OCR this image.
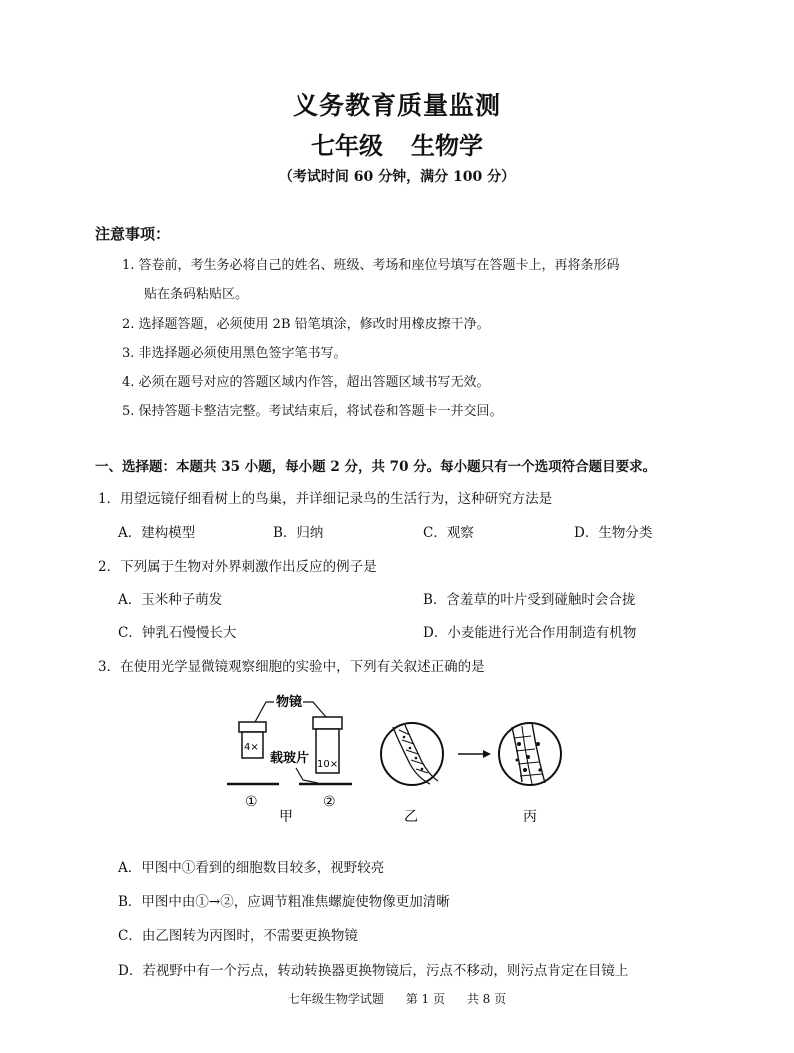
义务教育质量监测
七年级 生物学
（考试时间 60 分钟，满分 100 分）
注意事项：
1. 答卷前，考生务必将自己的姓名、班级、考场和座位号填写在答题卡上，再将条形码
贴在条码粘贴区。
2. 选择题答题，必须使用 2B 铅笔填涂，修改时用橡皮擦干净。
3. 非选择题必须使用黑色签字笔书写。
4. 必须在题号对应的答题区域内作答，超出答题区域书写无效。
5. 保持答题卡整洁完整。考试结束后，将试卷和答题卡一并交回。
一、选择题：本题共 35 小题，每小题 2 分，共 70 分。每小题只有一个选项符合题目要求。
1．用望远镜仔细看树上的鸟巢，并详细记录鸟的生活行为，这种研究方法是
A．建构模型	B．归纳	C．观察	D．生物分类
2．下列属于生物对外界刺激作出反应的例子是
A．玉米种子萌发	B．含羞草的叶片受到碰触时会合拢
C．钟乳石慢慢长大	D．小麦能进行光合作用制造有机物
3．在使用光学显微镜观察细胞的实验中，下列有关叙述正确的是
物镜
4×
10×
载玻片
①	②
甲	乙	丙
A．甲图中①看到的细胞数目较多，视野较亮
B．甲图中由①→②，应调节粗准焦螺旋使物像更加清晰
C．由乙图转为丙图时，不需要更换物镜
D．若视野中有一个污点，转动转换器更换物镜后，污点不移动，则污点肯定在目镜上
七年级生物学试题 第 1 页 共 8 页
